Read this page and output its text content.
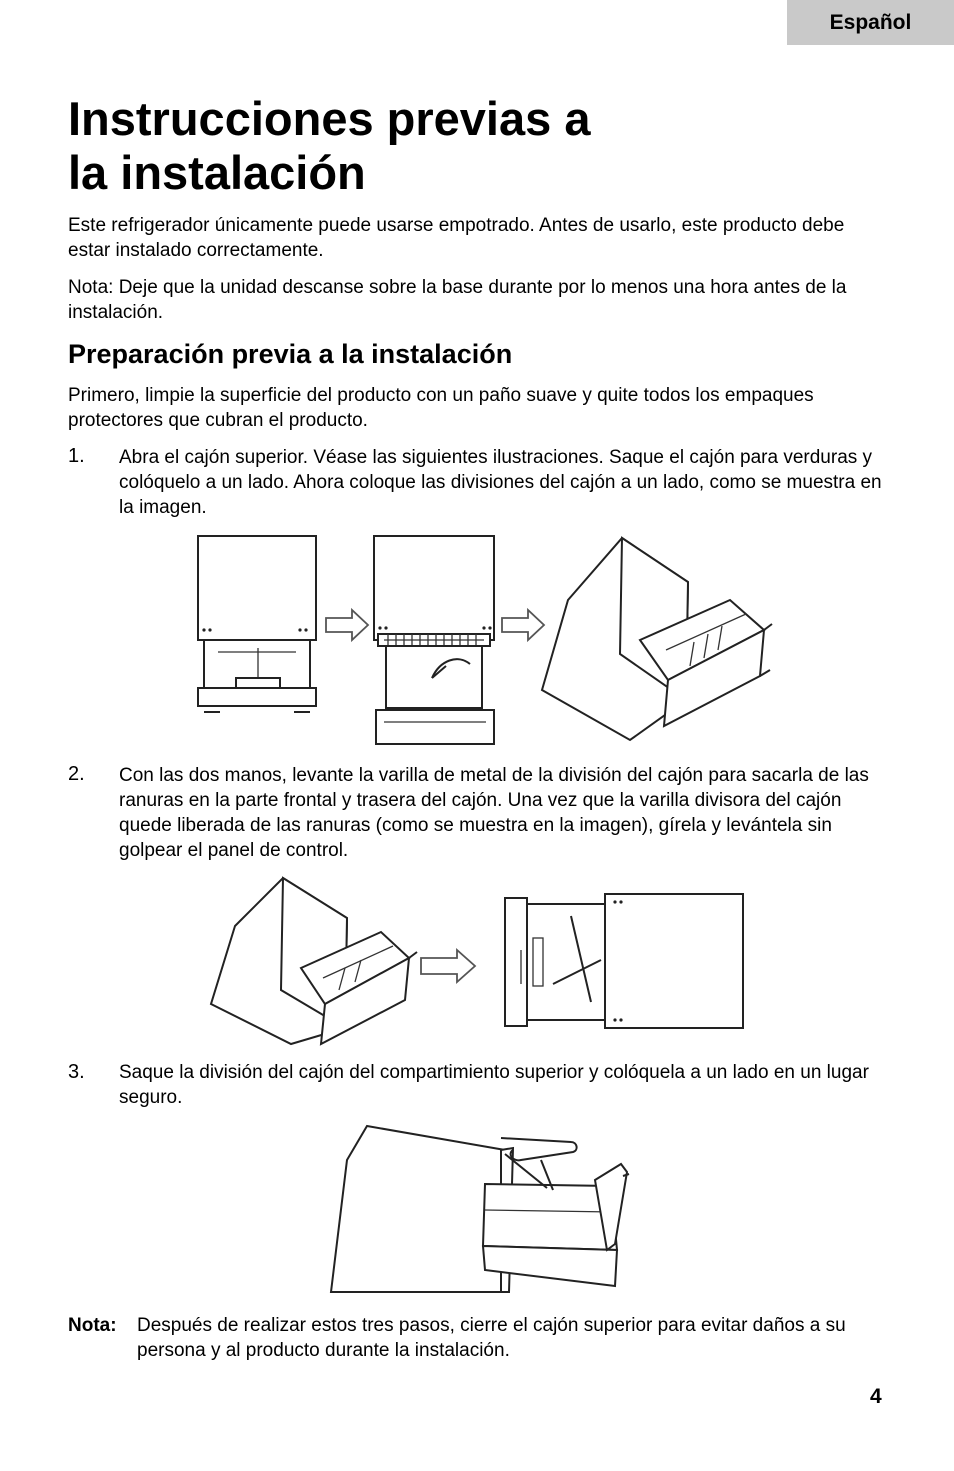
Español
Instrucciones previas a
la instalación

Este refrigerador únicamente puede usarse empotrado. Antes de usarlo, este producto debe estar instalado correctamente.

Nota: Deje que la unidad descanse sobre la base durante por lo menos una hora antes de la instalación.

Preparación previa a la instalación

Primero, limpie la superficie del producto con un paño suave y quite todos los empaques protectores que cubran el producto.

1. Abra el cajón superior. Véase las siguientes ilustraciones. Saque el cajón para verduras y colóquelo a un lado. Ahora coloque las divisiones del cajón a un lado, como se muestra en la imagen.

2. Con las dos manos, levante la varilla de metal de la división del cajón para sacarla de las ranuras en la parte frontal y trasera del cajón. Una vez que la varilla divisora del cajón quede liberada de las ranuras (como se muestra en la imagen), gírela y levántela sin golpear el panel de control.

3. Saque la división del cajón del compartimiento superior y colóquela a un lado en un lugar seguro.

Nota: Después de realizar estos tres pasos, cierre el cajón superior para evitar daños a su persona y al producto durante la instalación.

4
